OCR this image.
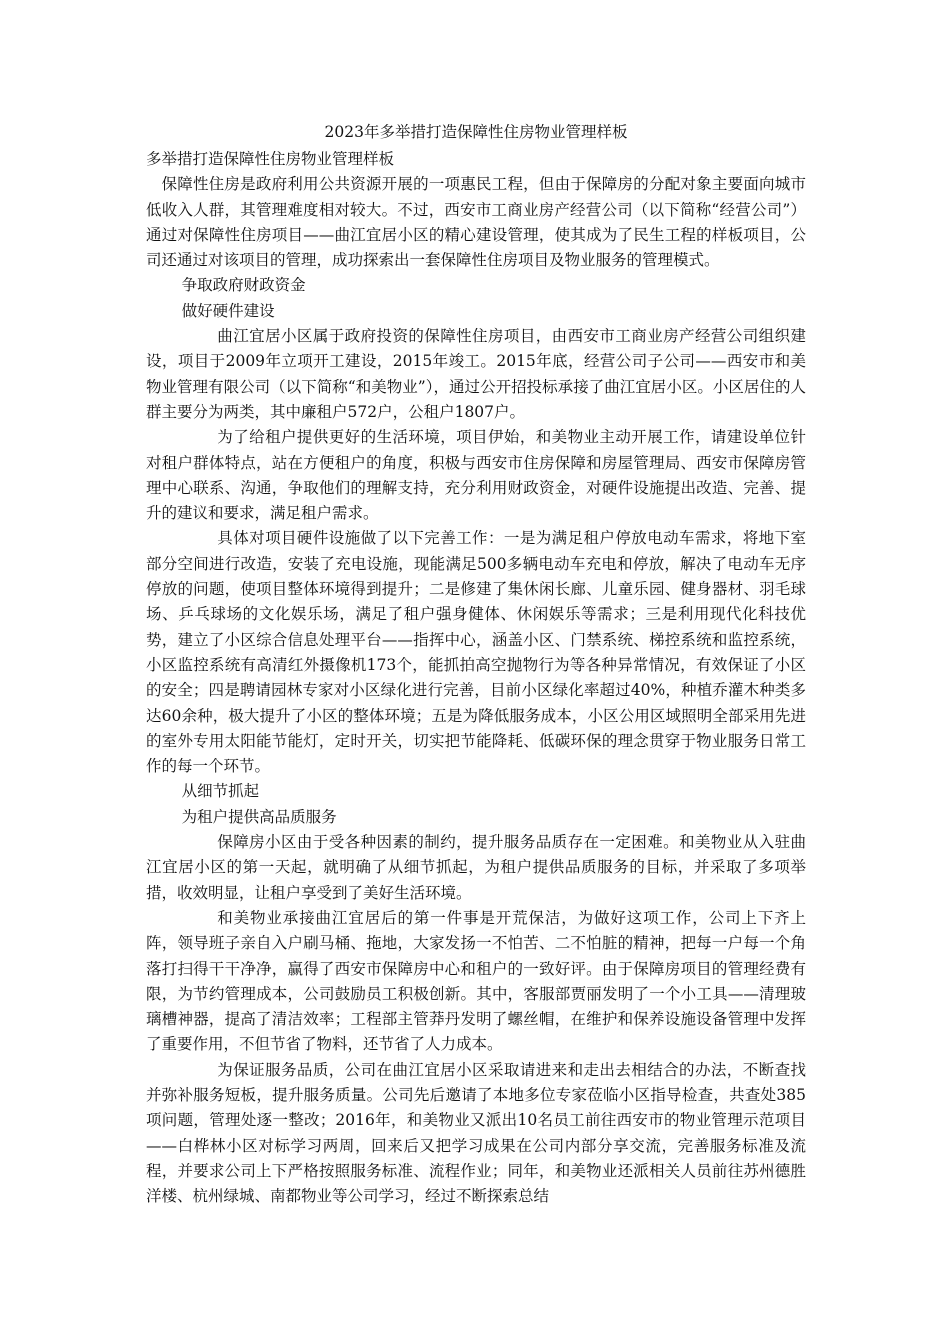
2023年多举措打造保障性住房物业管理样板

多举措打造保障性住房物业管理样板

保障性住房是政府利用公共资源开展的一项惠民工程，但由于保障房的分配对象主要面向城市低收入人群，其管理难度相对较大。不过，西安市工商业房产经营公司（以下简称“经营公司”）通过对保障性住房项目——曲江宜居小区的精心建设管理，使其成为了民生工程的样板项目，公司还通过对该项目的管理，成功探索出一套保障性住房项目及物业服务的管理模式。

争取政府财政资金

做好硬件建设

曲江宜居小区属于政府投资的保障性住房项目，由西安市工商业房产经营公司组织建设，项目于2009年立项开工建设，2015年竣工。2015年底，经营公司子公司——西安市和美物业管理有限公司（以下简称“和美物业”），通过公开招投标承接了曲江宜居小区。小区居住的人群主要分为两类，其中廉租户572户，公租户1807户。

为了给租户提供更好的生活环境，项目伊始，和美物业主动开展工作，请建设单位针对租户群体特点，站在方便租户的角度，积极与西安市住房保障和房屋管理局、西安市保障房管理中心联系、沟通，争取他们的理解支持，充分利用财政资金，对硬件设施提出改造、完善、提升的建议和要求，满足租户需求。

具体对项目硬件设施做了以下完善工作：一是为满足租户停放电动车需求，将地下室部分空间进行改造，安装了充电设施，现能满足500多辆电动车充电和停放，解决了电动车无序停放的问题，使项目整体环境得到提升；二是修建了集休闲长廊、儿童乐园、健身器材、羽毛球场、乒乓球场的文化娱乐场，满足了租户强身健体、休闲娱乐等需求；三是利用现代化科技优势，建立了小区综合信息处理平台——指挥中心，涵盖小区、门禁系统、梯控系统和监控系统，小区监控系统有高清红外摄像机173个，能抓拍高空抛物行为等各种异常情况，有效保证了小区的安全；四是聘请园林专家对小区绿化进行完善，目前小区绿化率超过40%，种植乔灌木种类多达60余种，极大提升了小区的整体环境；五是为降低服务成本，小区公用区域照明全部采用先进的室外专用太阳能节能灯，定时开关，切实把节能降耗、低碳环保的理念贯穿于物业服务日常工作的每一个环节。

从细节抓起

为租户提供高品质服务

保障房小区由于受各种因素的制约，提升服务品质存在一定困难。和美物业从入驻曲江宜居小区的第一天起，就明确了从细节抓起，为租户提供品质服务的目标，并采取了多项举措，收效明显，让租户享受到了美好生活环境。

和美物业承接曲江宜居后的第一件事是开荒保洁，为做好这项工作，公司上下齐上阵，领导班子亲自入户刷马桶、拖地，大家发扬一不怕苦、二不怕脏的精神，把每一户每一个角落打扫得干干净净，赢得了西安市保障房中心和租户的一致好评。由于保障房项目的管理经费有限，为节约管理成本，公司鼓励员工积极创新。其中，客服部贾丽发明了一个小工具——清理玻璃槽神器，提高了清洁效率；工程部主管莽丹发明了螺丝帽，在维护和保养设施设备管理中发挥了重要作用，不但节省了物料，还节省了人力成本。

为保证服务品质，公司在曲江宜居小区采取请进来和走出去相结合的办法，不断查找并弥补服务短板，提升服务质量。公司先后邀请了本地多位专家莅临小区指导检查，共查处385项问题，管理处逐一整改；2016年，和美物业又派出10名员工前往西安市的物业管理示范项目——白桦林小区对标学习两周，回来后又把学习成果在公司内部分享交流，完善服务标准及流程，并要求公司上下严格按照服务标准、流程作业；同年，和美物业还派相关人员前往苏州德胜洋楼、杭州绿城、南都物业等公司学习，经过不断探索总结
